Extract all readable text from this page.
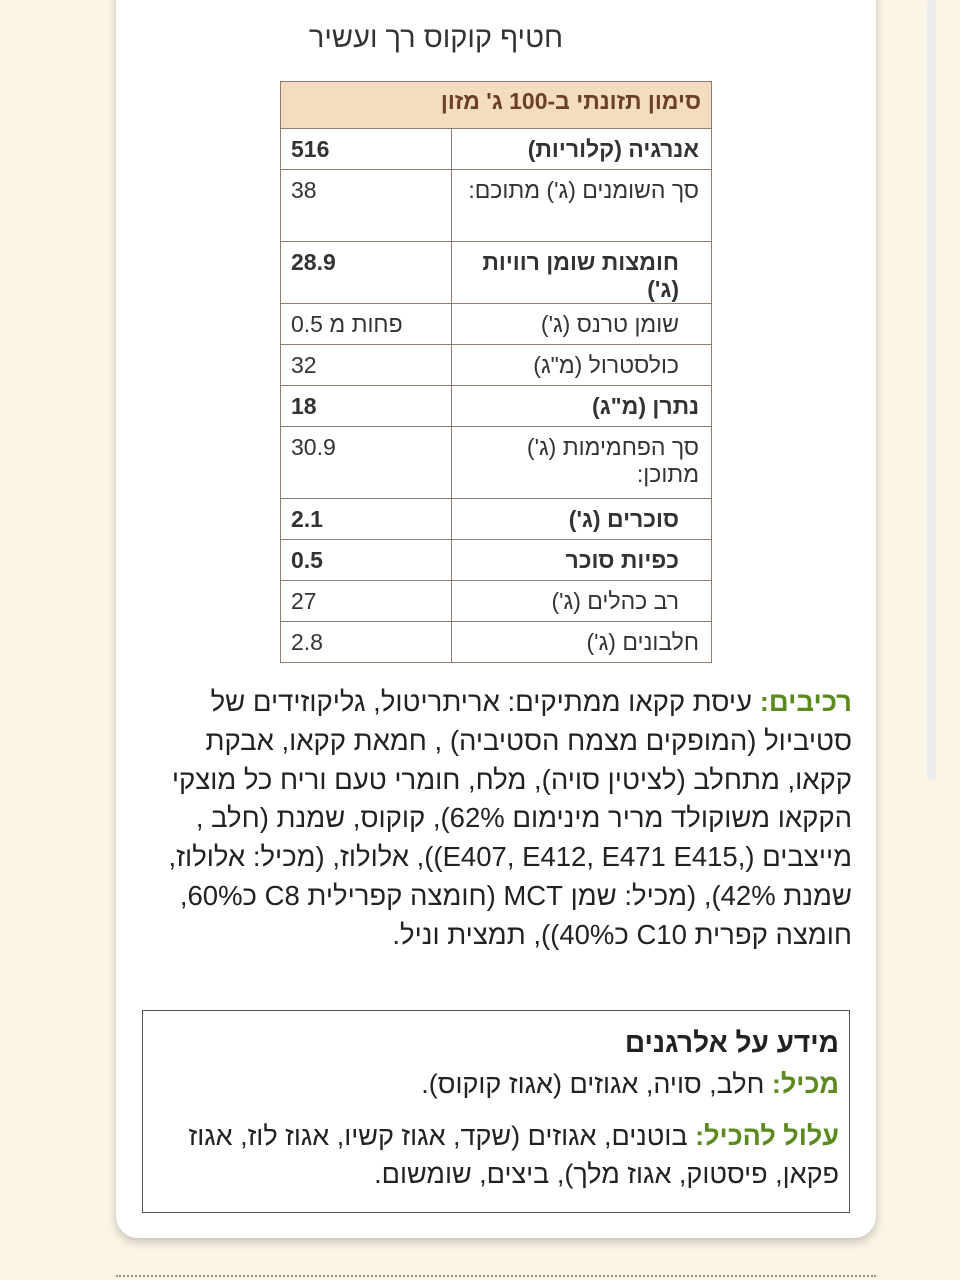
חטיף קוקוס רך ועשיר
סימון תזונתי ב-100 ג' מזון	
אנרגיה (קלוריות)	516
סך השומנים (ג') מתוכם:	38
חומצות שומן רוויות (ג')	28.9
שומן טרנס (ג')	פחות מ 0.5
כולסטרול (מ"ג)	32
נתרן (מ"ג)	18
סך הפחמימות (ג') מתוכן:	30.9
סוכרים (ג')	2.1
כפיות סוכר	0.5
רב כהלים (ג')	27
חלבונים (ג')	2.8

רכיבים: עיסת קקאו ממתיקים: אריתריטול, גליקוזידים של סטיביול (המופקים מצמח הסטיביה) , חמאת קקאו, אבקת קקאו, מתחלב (לציטין סויה), מלח, חומרי טעם וריח כל מוצקי הקקאו משוקולד מריר מינימום 62%), קוקוס, שמנת (חלב , מייצבים (,E407, E412, E471 E415)), אלולוז, (מכיל: אלולוז, שמנת 42%), (מכיל: שמן MCT (חומצה קפרילית C8 כ60%, חומצה קפרית C10 כ40%)), תמצית וניל.

מידע על אלרגנים

מכיל: חלב, סויה, אגוזים (אגוז קוקוס).

עלול להכיל: בוטנים, אגוזים (שקד, אגוז קשיו, אגוז לוז, אגוז פקאן, פיסטוק, אגוז מלך), ביצים, שומשום.
